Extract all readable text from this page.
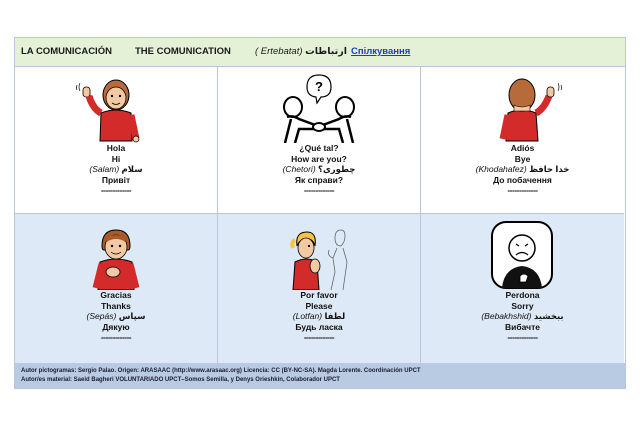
LA COMUNICACIÓN THE COMUNICATION	( Ertebatat) ارتباطات Спілкування
Hola
Hi
(Salam) سلام
Привіт
-------------
?
¿Qué tal?
How are you?
(Chetori) چطوری؟
Як справи?
-------------
Adiós
Bye
(Khodahafez) خدا حافظ
До побачення
-------------
Gracias
Thanks
(Sepás) سپاس
Дякую
-------------
Por favor
Please
(Lotfan) لطفا
Будь ласка
-------------
Perdona
Sorry
(Bebakhshid) ببخشید
Вибачте
-------------
Autor pictogramas: Sergio Palao. Origen: ARASAAC (http://www.arasaac.org) Licencia: CC (BY-NC-SA). Magda Lorente. Coordinación UPCT
Autor/es material: Saeid Bagheri VOLUNTARIADO UPCT–Somos Semilla, y Denys Orieshkin, Colaborador UPCT
